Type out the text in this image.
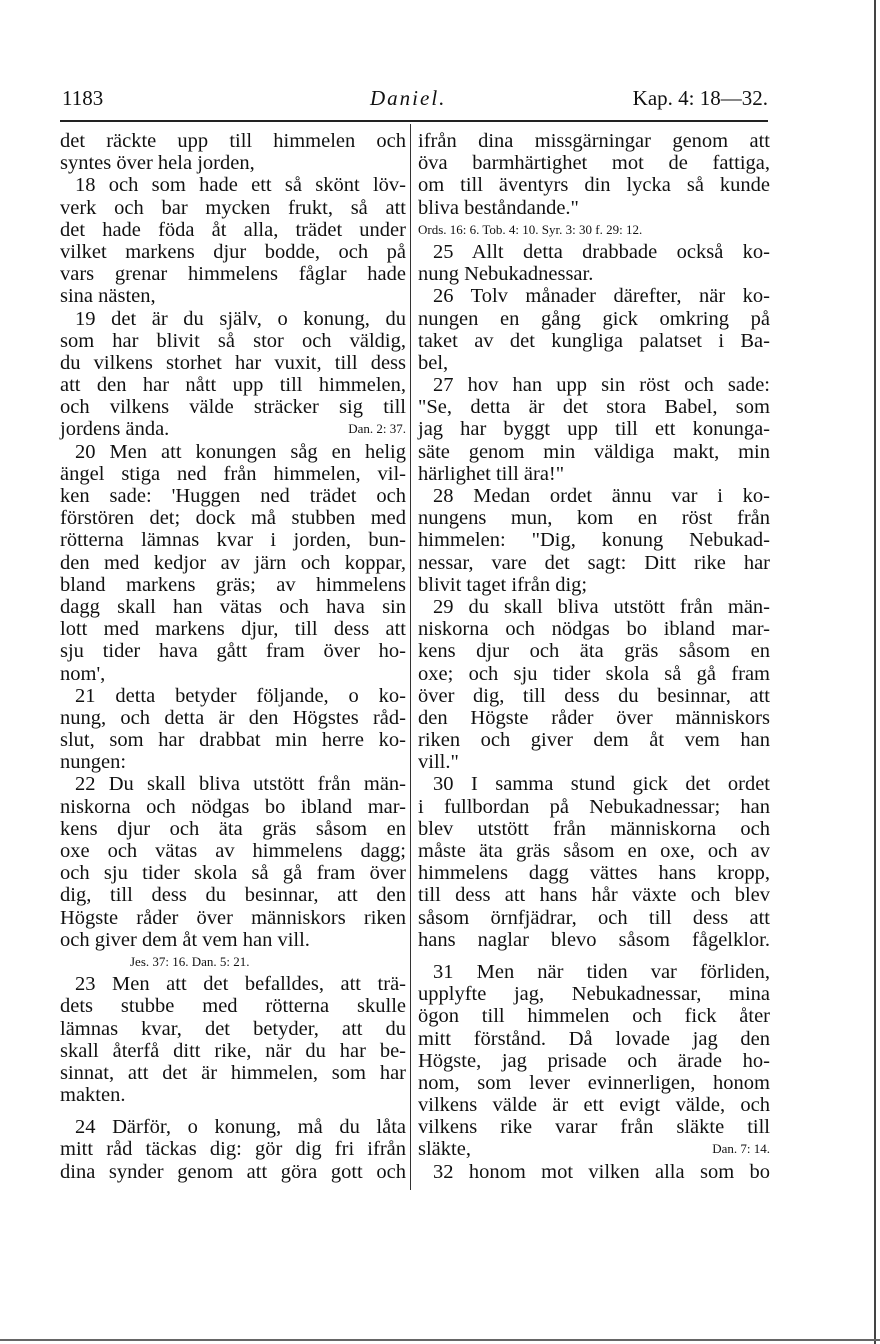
1183	Daniel.	Kap. 4: 18—32.
det räckte upp till himmelen och
syntes över hela jorden,
18 och som hade ett så skönt löv-
verk och bar mycken frukt, så att
det hade föda åt alla, trädet under
vilket markens djur bodde, och på
vars grenar himmelens fåglar hade
sina nästen,
19 det är du själv, o konung, du
som har blivit så stor och väldig,
du vilkens storhet har vuxit, till dess
att den har nått upp till himmelen,
och vilkens välde sträcker sig till
jordens ända.	Dan. 2: 37.
20 Men att konungen såg en helig
ängel stiga ned från himmelen, vil-
ken sade: 'Huggen ned trädet och
förstören det; dock må stubben med
rötterna lämnas kvar i jorden, bun-
den med kedjor av järn och koppar,
bland markens gräs; av himmelens
dagg skall han vätas och hava sin
lott med markens djur, till dess att
sju tider hava gått fram över ho-
nom',
21 detta betyder följande, o ko-
nung, och detta är den Högstes råd-
slut, som har drabbat min herre ko-
nungen:
22 Du skall bliva utstött från män-
niskorna och nödgas bo ibland mar-
kens djur och äta gräs såsom en
oxe och vätas av himmelens dagg;
och sju tider skola så gå fram över
dig, till dess du besinnar, att den
Högste råder över människors riken
och giver dem åt vem han vill.
Jes. 37: 16. Dan. 5: 21.
23 Men att det befalldes, att trä-
dets stubbe med rötterna skulle
lämnas kvar, det betyder, att du
skall återfå ditt rike, när du har be-
sinnat, att det är himmelen, som har
makten.
24 Därför, o konung, må du låta
mitt råd täckas dig: gör dig fri ifrån
dina synder genom att göra gott och
ifrån dina missgärningar genom att
öva barmhärtighet mot de fattiga,
om till äventyrs din lycka så kunde
bliva beståndande."
Ords. 16: 6. Tob. 4: 10. Syr. 3: 30 f. 29: 12.
25 Allt detta drabbade också ko-
nung Nebukadnessar.
26 Tolv månader därefter, när ko-
nungen en gång gick omkring på
taket av det kungliga palatset i Ba-
bel,
27 hov han upp sin röst och sade:
"Se, detta är det stora Babel, som
jag har byggt upp till ett konunga-
säte genom min väldiga makt, min
härlighet till ära!"
28 Medan ordet ännu var i ko-
nungens mun, kom en röst från
himmelen: "Dig, konung Nebukad-
nessar, vare det sagt: Ditt rike har
blivit taget ifrån dig;
29 du skall bliva utstött från män-
niskorna och nödgas bo ibland mar-
kens djur och äta gräs såsom en
oxe; och sju tider skola så gå fram
över dig, till dess du besinnar, att
den Högste råder över människors
riken och giver dem åt vem han
vill."
30 I samma stund gick det ordet
i fullbordan på Nebukadnessar; han
blev utstött från människorna och
måste äta gräs såsom en oxe, och av
himmelens dagg vättes hans kropp,
till dess att hans hår växte och blev
såsom örnfjädrar, och till dess att
hans naglar blevo såsom fågelklor.
31 Men när tiden var förliden,
upplyfte jag, Nebukadnessar, mina
ögon till himmelen och fick åter
mitt förstånd. Då lovade jag den
Högste, jag prisade och ärade ho-
nom, som lever evinnerligen, honom
vilkens välde är ett evigt välde, och
vilkens rike varar från släkte till
släkte,	Dan. 7: 14.
32 honom mot vilken alla som bo
